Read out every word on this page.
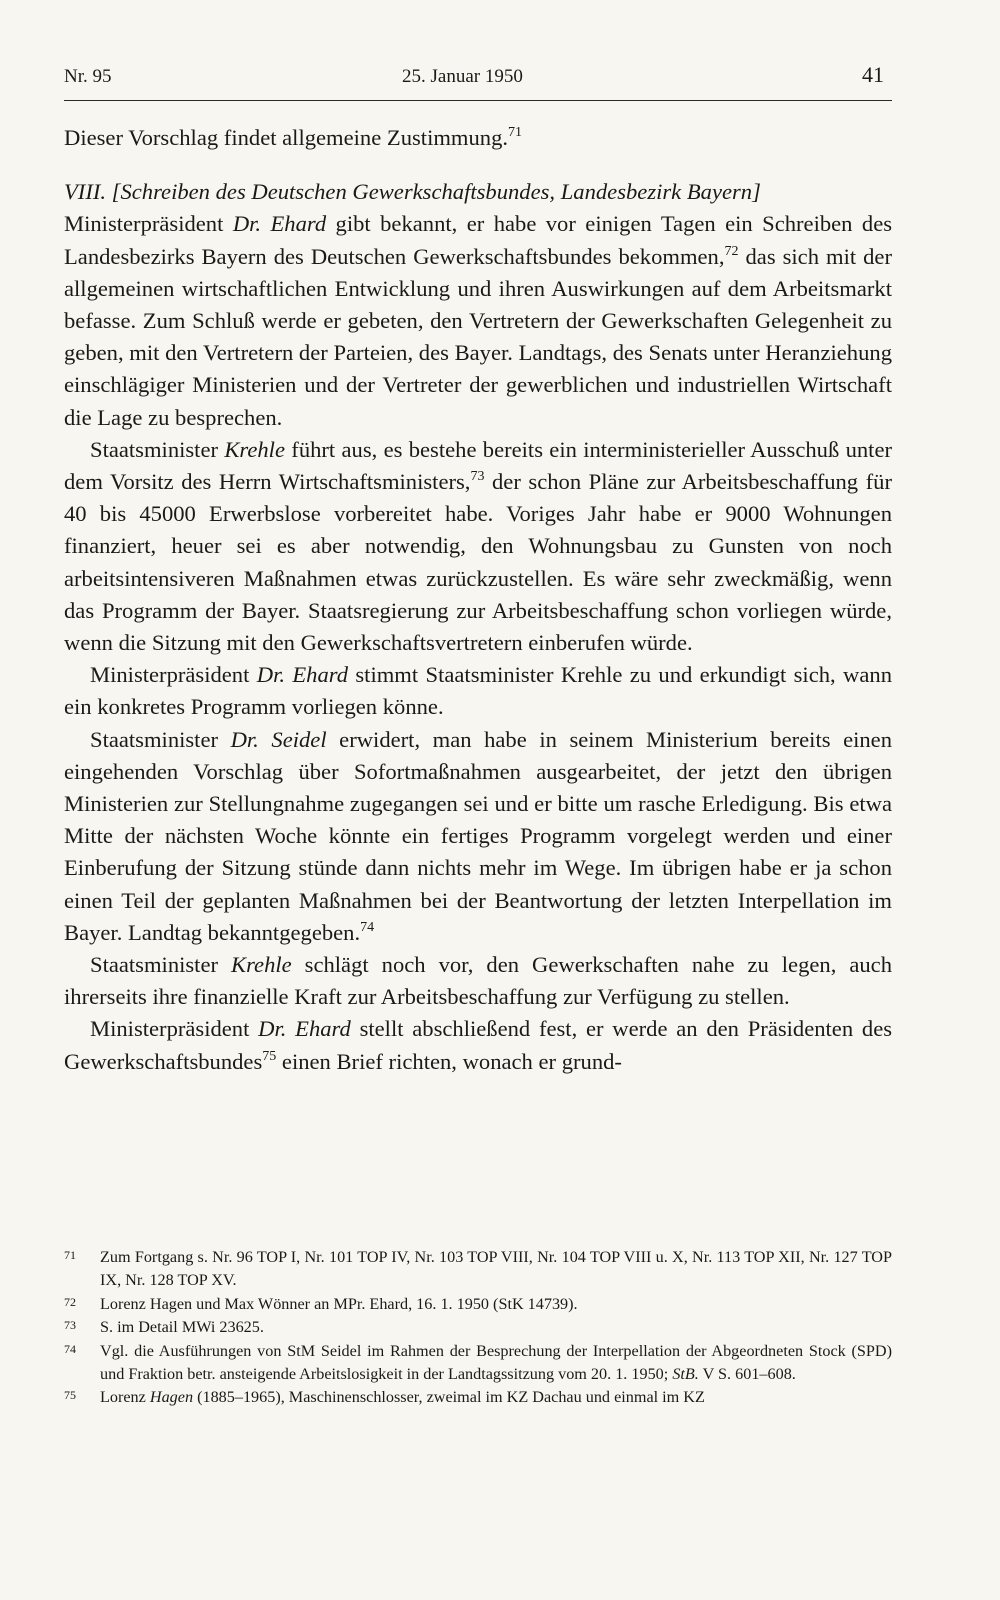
Nr. 95	25. Januar 1950	41

Dieser Vorschlag findet allgemeine Zustimmung.$^{71}$

VIII. [Schreiben des Deutschen Gewerkschaftsbundes, Landesbezirk Bayern]

Ministerpräsident Dr. Ehard gibt bekannt, er habe vor einigen Tagen ein Schreiben des Landesbezirks Bayern des Deutschen Gewerkschaftsbundes bekommen,$^{72}$ das sich mit der allgemeinen wirtschaftlichen Entwicklung und ihren Auswirkungen auf dem Arbeitsmarkt befasse. Zum Schluß werde er gebeten, den Vertretern der Gewerkschaften Gelegenheit zu geben, mit den Vertretern der Parteien, des Bayer. Landtags, des Senats unter Heranziehung einschlägiger Ministerien und der Vertreter der gewerblichen und industriellen Wirtschaft die Lage zu besprechen.

Staatsminister Krehle führt aus, es bestehe bereits ein interministerieller Ausschuß unter dem Vorsitz des Herrn Wirtschaftsministers,$^{73}$ der schon Pläne zur Arbeitsbeschaffung für 40 bis 45000 Erwerbslose vorbereitet habe. Voriges Jahr habe er 9000 Wohnungen finanziert, heuer sei es aber notwendig, den Wohnungsbau zu Gunsten von noch arbeitsintensiveren Maßnahmen etwas zurückzustellen. Es wäre sehr zweckmäßig, wenn das Programm der Bayer. Staatsregierung zur Arbeitsbeschaffung schon vorliegen würde, wenn die Sitzung mit den Gewerkschaftsvertretern einberufen würde.

Ministerpräsident Dr. Ehard stimmt Staatsminister Krehle zu und erkundigt sich, wann ein konkretes Programm vorliegen könne.

Staatsminister Dr. Seidel erwidert, man habe in seinem Ministerium bereits einen eingehenden Vorschlag über Sofortmaßnahmen ausgearbeitet, der jetzt den übrigen Ministerien zur Stellungnahme zugegangen sei und er bitte um rasche Erledigung. Bis etwa Mitte der nächsten Woche könnte ein fertiges Programm vorgelegt werden und einer Einberufung der Sitzung stünde dann nichts mehr im Wege. Im übrigen habe er ja schon einen Teil der geplanten Maßnahmen bei der Beantwortung der letzten Interpellation im Bayer. Landtag bekanntgegeben.$^{74}$

Staatsminister Krehle schlägt noch vor, den Gewerkschaften nahe zu legen, auch ihrerseits ihre finanzielle Kraft zur Arbeitsbeschaffung zur Verfügung zu stellen.

Ministerpräsident Dr. Ehard stellt abschließend fest, er werde an den Präsidenten des Gewerkschaftsbundes$^{75}$ einen Brief richten, wonach er grund-

71 Zum Fortgang s. Nr. 96 TOP I, Nr. 101 TOP IV, Nr. 103 TOP VIII, Nr. 104 TOP VIII u. X, Nr. 113 TOP XII, Nr. 127 TOP IX, Nr. 128 TOP XV.
72 Lorenz Hagen und Max Wönner an MPr. Ehard, 16. 1. 1950 (StK 14739).
73 S. im Detail MWi 23625.
74 Vgl. die Ausführungen von StM Seidel im Rahmen der Besprechung der Interpellation der Abgeordneten Stock (SPD) und Fraktion betr. ansteigende Arbeitslosigkeit in der Landtagssitzung vom 20. 1. 1950; StB. V S. 601–608.
75 Lorenz Hagen (1885–1965), Maschinenschlosser, zweimal im KZ Dachau und einmal im KZ
